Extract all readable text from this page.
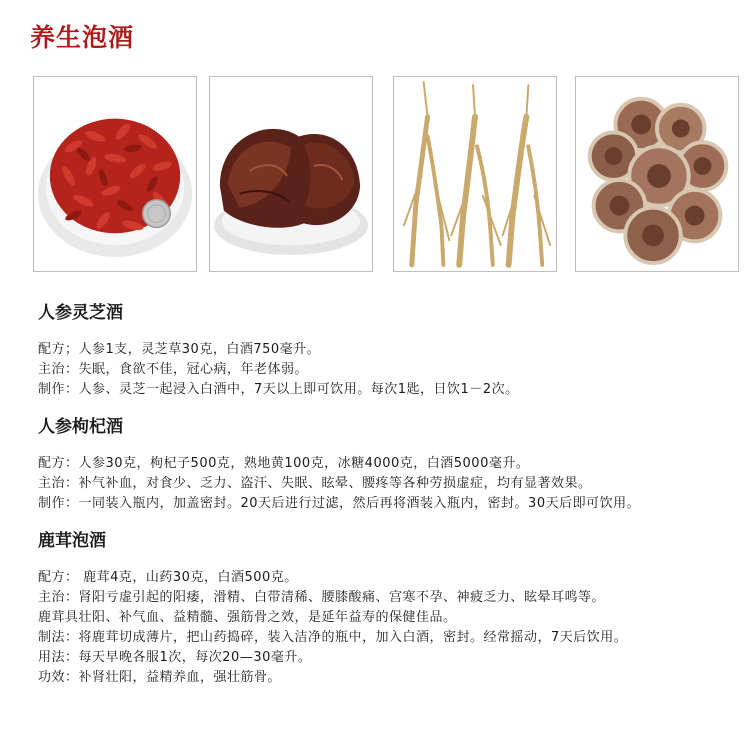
养生泡酒
人参灵芝酒
配方；人参1支，灵芝草30克，白酒750毫升。
主治：失眠，食欲不佳，冠心病，年老体弱。
制作：人参、灵芝一起浸入白酒中，7天以上即可饮用。每次1匙，日饮1－2次。
人参枸杞酒
配方：人参30克，枸杞子500克，熟地黄100克，冰糖4000克，白酒5000毫升。
主治：补气补血，对食少、乏力、盗汗、失眠、眩晕、腰疼等各种劳损虚症，均有显著效果。
制作：一同装入瓶内，加盖密封。20天后进行过滤，然后再将酒装入瓶内，密封。30天后即可饮用。
鹿茸泡酒
配方： 鹿茸4克，山药30克，白酒500克。
主治：肾阳亏虚引起的阳痿，滑精、白带清稀、腰膝酸痛、宫寒不孕、神疲乏力、眩晕耳鸣等。
鹿茸具壮阳、补气血、益精髓、强筋骨之效，是延年益寿的保健佳品。
制法：将鹿茸切成薄片，把山药捣碎，装入洁净的瓶中，加入白酒，密封。经常摇动，7天后饮用。
用法：每天早晚各服1次，每次20—30毫升。
功效：补肾壮阳，益精养血，强壮筋骨。
